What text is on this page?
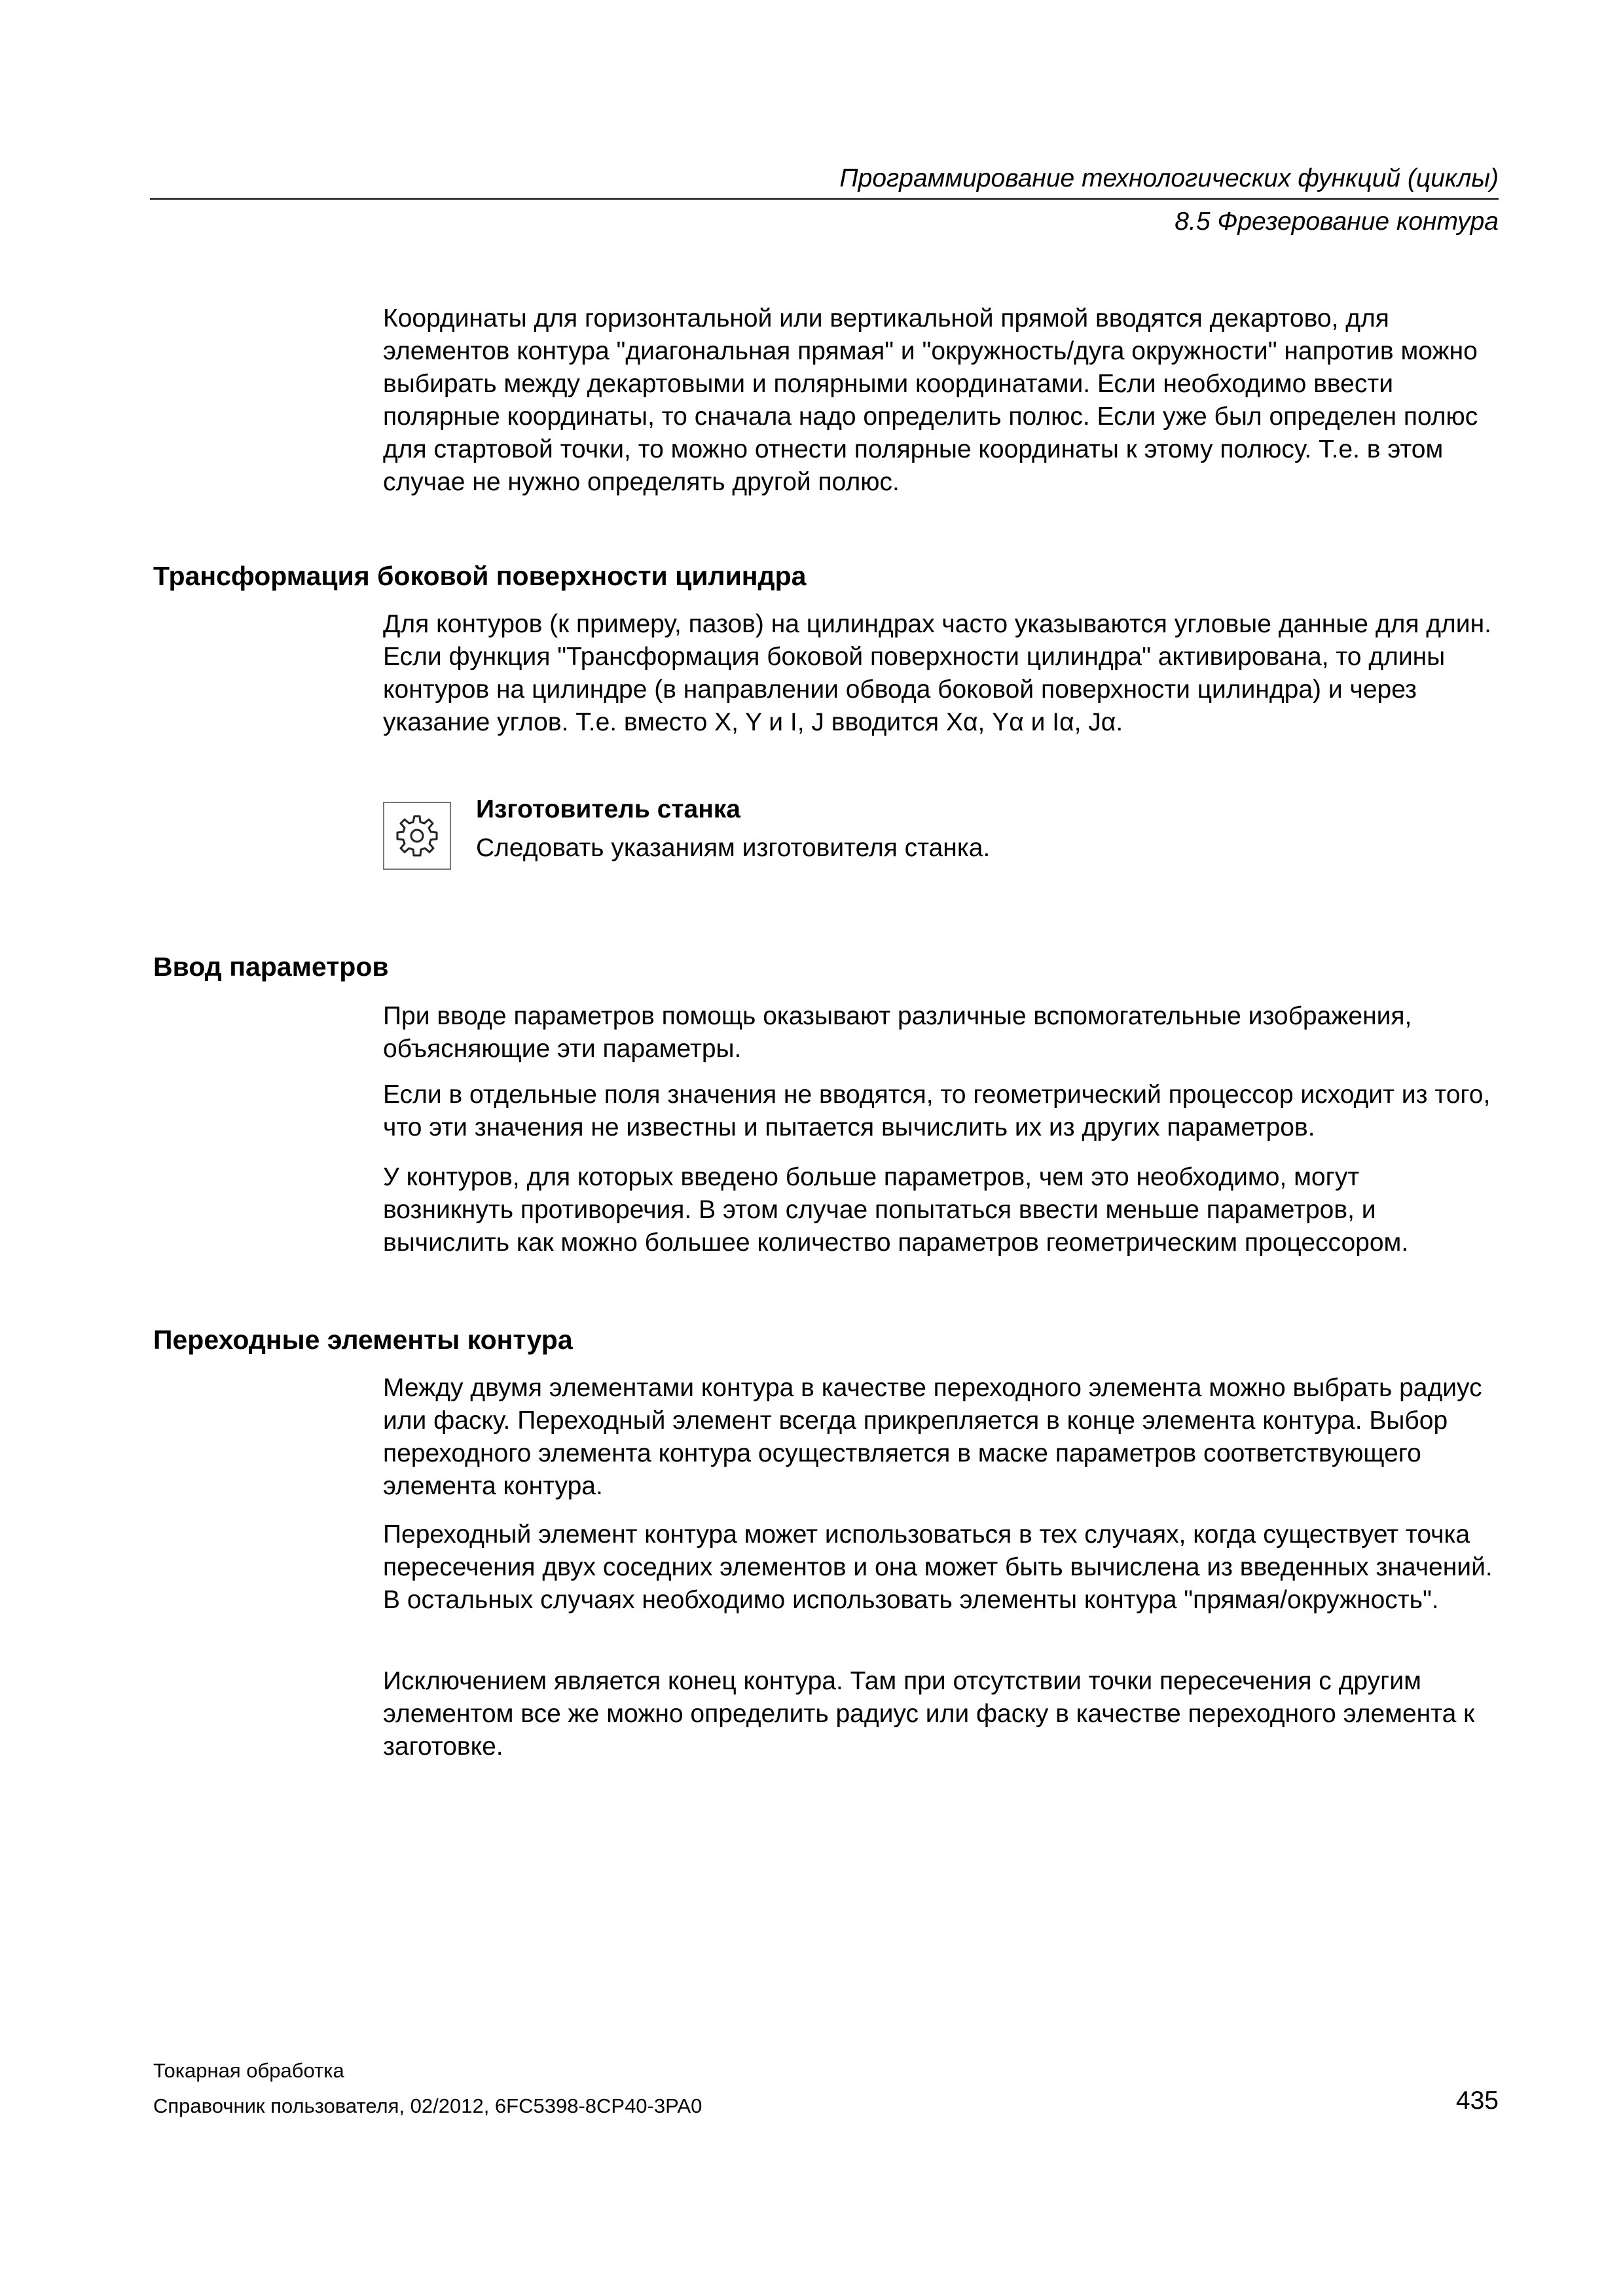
Программирование технологических функций (циклы)
8.5 Фрезерование контура

Координаты для горизонтальной или вертикальной прямой вводятся декартово, для элементов контура "диагональная прямая" и "окружность/дуга окружности" напротив можно выбирать между декартовыми и полярными координатами. Если необходимо ввести полярные координаты, то сначала надо определить полюс. Если уже был определен полюс для стартовой точки, то можно отнести полярные координаты к этому полюсу. Т.е. в этом случае не нужно определять другой полюс.

Трансформация боковой поверхности цилиндра

Для контуров (к примеру, пазов) на цилиндрах часто указываются угловые данные для длин. Если функция "Трансформация боковой поверхности цилиндра" активирована, то длины контуров на цилиндре (в направлении обвода боковой поверхности цилиндра) и через указание углов. Т.е. вместо X, Y и I, J вводится Xα, Yα и Iα, Jα.

Изготовитель станка
Следовать указаниям изготовителя станка.
Ввод параметров

При вводе параметров помощь оказывают различные вспомогательные изображения, объясняющие эти параметры.

Если в отдельные поля значения не вводятся, то геометрический процессор исходит из того, что эти значения не известны и пытается вычислить их из других параметров.

У контуров, для которых введено больше параметров, чем это необходимо, могут возникнуть противоречия. В этом случае попытаться ввести меньше параметров, и вычислить как можно большее количество параметров геометрическим процессором.

Переходные элементы контура

Между двумя элементами контура в качестве переходного элемента можно выбрать радиус или фаску. Переходный элемент всегда прикрепляется в конце элемента контура. Выбор переходного элемента контура осуществляется в маске параметров соответствующего элемента контура.

Переходный элемент контура может использоваться в тех случаях, когда существует точка пересечения двух соседних элементов и она может быть вычислена из введенных значений. В остальных случаях необходимо использовать элементы контура "прямая/окружность".

Исключением является конец контура. Там при отсутствии точки пересечения с другим элементом все же можно определить радиус или фаску в качестве переходного элемента к заготовке.

Токарная обработка
Справочник пользователя, 02/2012, 6FC5398-8CP40-3PA0	435
